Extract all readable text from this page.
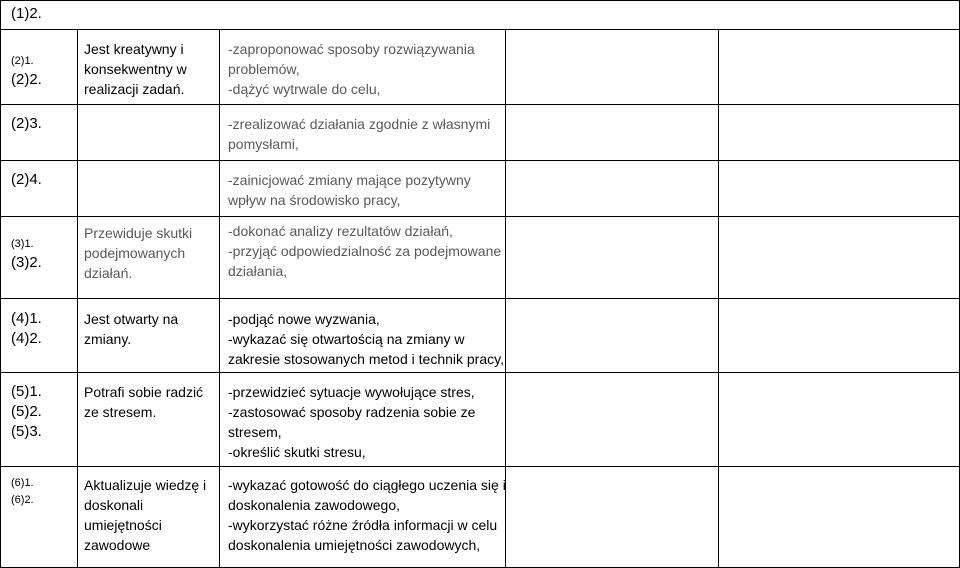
(1)2.
(2)1.
(2)2.
Jest kreatywny i
konsekwentny w
realizacji zadań.
-zaproponować sposoby rozwiązywania
problemów,
-dążyć wytrwale do celu,
(2)3.	-zrealizować działania zgodnie z własnymi
pomysłami,
(2)4.	-zainicjować zmiany mające pozytywny
wpływ na środowisko pracy,
(3)1.
(3)2.
Przewiduje skutki
podejmowanych
działań.
-dokonać analizy rezultatów działań,
-przyjąć odpowiedzialność za podejmowane
działania,
(4)1.
(4)2.
Jest otwarty na
zmiany.
-podjąć nowe wyzwania,
-wykazać się otwartością na zmiany w
zakresie stosowanych metod i technik pracy,
(5)1.
(5)2.
(5)3.
Potrafi sobie radzić
ze stresem.
-przewidzieć sytuacje wywołujące stres,
-zastosować sposoby radzenia sobie ze
stresem,
-określić skutki stresu,
(6)1.
(6)2.
Aktualizuje wiedzę i
doskonali
umiejętności
zawodowe
-wykazać gotowość do ciągłego uczenia się i
doskonalenia zawodowego,
-wykorzystać różne źródła informacji w celu
doskonalenia umiejętności zawodowych,
